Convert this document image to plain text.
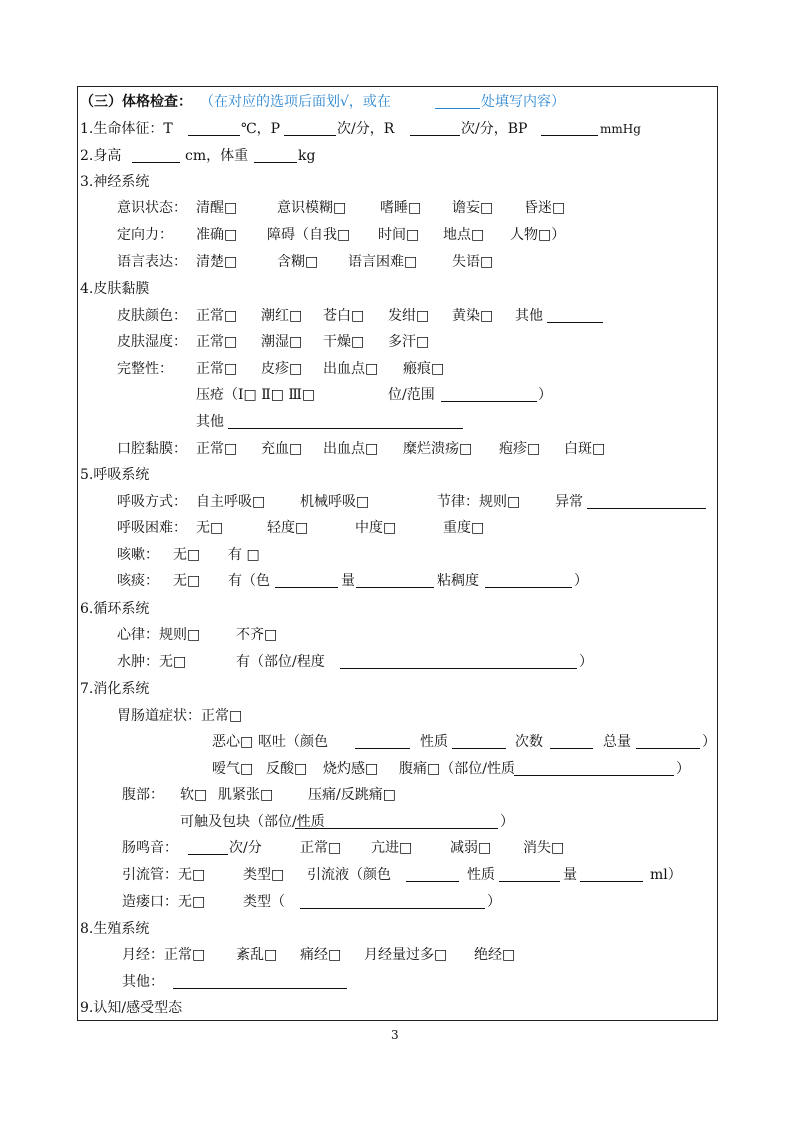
（三）体格检查： （在对应的选项后面划√，或在	处填写内容）
1.生命体征：T	℃，P	次/分，R	次/分，BP	mmHg
2.身高	cm，体重	kg
3.神经系统
意识状态： 清醒□	意识模糊□ 嗜睡□ 谵妄□ 昏迷□
定向力： 准确□ 障碍（自我□ 时间□ 地点□ 人物□）
语言表达： 清楚□	含糊□ 语言困难□ 失语□
4.皮肤黏膜
皮肤颜色： 正常□ 潮红□ 苍白□ 发绀□ 黄染□ 其他
皮肤湿度： 正常□ 潮湿□ 干燥□ 多汗□
完整性： 正常□ 皮疹□ 出血点□ 瘢痕□
压疮（Ⅰ□ Ⅱ□ Ⅲ□	位/范围	）
其他
口腔黏膜： 正常□ 充血□ 出血点□ 糜烂溃疡□ 疱疹□ 白斑□
5.呼吸系统
呼吸方式： 自主呼吸□ 机械呼吸□	节律：规则□ 异常
呼吸困难： 无□	轻度□	中度□	重度□
咳嗽： 无□ 有 □
咳痰： 无□ 有（色	量	粘稠度	）
6.循环系统
心律：规则□	不齐□
水肿：无□	有（部位/程度	）
7.消化系统
胃肠道症状：正常□
恶心□ 呕吐（颜色	性质	次数	总量	）
嗳气□ 反酸□ 烧灼感□ 腹痛□（部位/性质	）
腹部： 软□ 肌紧张□ 压痛/反跳痛□
可触及包块（部位/性质	）
肠鸣音：	次/分	正常□ 亢进□	减弱□ 消失□
引流管：无□	类型□ 引流液（颜色	性质	量	ml）
造瘘口：无□	类型（	）
8.生殖系统
月经：正常□ 紊乱□ 痛经□ 月经量过多□ 绝经□
其他：
9.认知/感受型态
3
